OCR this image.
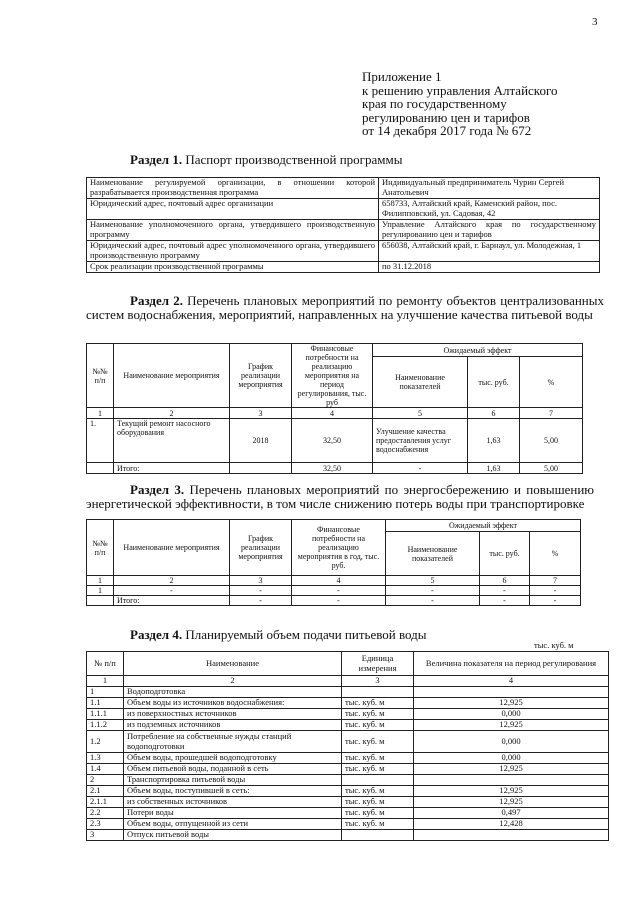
3
Приложение 1
к решению управления Алтайского
края по государственному
регулированию цен и тарифов
от 14 декабря 2017 года № 672
Раздел 1. Паспорт производственной программы
Наименование регулируемой организации, в отношении которой разрабатывается производственная программа	Индивидуальный предприниматель Чурин Сергей Анатольевич
Юридический адрес, почтовый адрес организации	658733, Алтайский край, Каменский район, пос. Филипповский, ул. Садовая, 42
Наименование уполномоченного органа, утвердившего производственную программу	Управление Алтайского края по государственному регулированию цен и тарифов
Юридический адрес, почтовый адрес уполномоченного органа, утвердившего производственную программу	656038, Алтайский край, г. Барнаул, ул. Молодежная, 1
Срок реализации производственной программы	по 31.12.2018
Раздел 2. Перечень плановых мероприятий по ремонту объектов централизованных систем водоснабжения, мероприятий, направленных на улучшение качества питьевой воды
№№ п/п	Наименование мероприятия	График реализации мероприятия	Финансовые потребности на реализацию мероприятия на период регулирования, тыс. руб	Ожидаемый эффект		
				Наименование показателей	тыс. руб.	%
1	2	3	4	5	6	7
1.	Текущий ремонт насосного оборудования	2018	32,50	Улучшение качества предоставления услуг водоснабжения	1,63	5,00
	Итого:		32,50	-	1,63	5,00
Раздел 3. Перечень плановых мероприятий по энергосбережению и повышению энергетической эффективности, в том числе снижению потерь воды при транспортировке
№№ п/п	Наименование мероприятия	График реализации мероприятия	Финансовые потребности на реализацию мероприятия в год, тыс. руб.	Ожидаемый эффект		
				Наименование показателей	тыс. руб.	%
1	2	3	4	5	6	7
1	-	-	-	-	-	-
	Итого:	-	-	-	-	-
Раздел 4. Планируемый объем подачи питьевой воды
тыс. куб. м
№ п/п	Наименование	Единица измерения	Величина показателя на период регулирования
1	2	3	4
1	Водоподготовка		
1.1	Объем воды из источников водоснабжения:	тыс. куб. м	12,925
1.1.1	из поверхностных источников	тыс. куб. м	0,000
1.1.2	из подземных источников	тыс. куб. м	12,925
1.2	Потребление на собственные нужды станций водоподготовки	тыс. куб. м	0,000
1.3	Объем воды, прошедшей водоподготовку	тыс. куб. м	0,000
1.4	Объем питьевой воды, поданной в сеть	тыс. куб. м	12,925
2	Транспортировка питьевой воды		
2.1	Объем воды, поступившей в сеть:	тыс. куб. м	12,925
2.1.1	из собственных источников	тыс. куб. м	12,925
2.2	Потери воды	тыс. куб. м	0,497
2.3	Объем воды, отпущенной из сети	тыс. куб. м	12,428
3	Отпуск питьевой воды		
